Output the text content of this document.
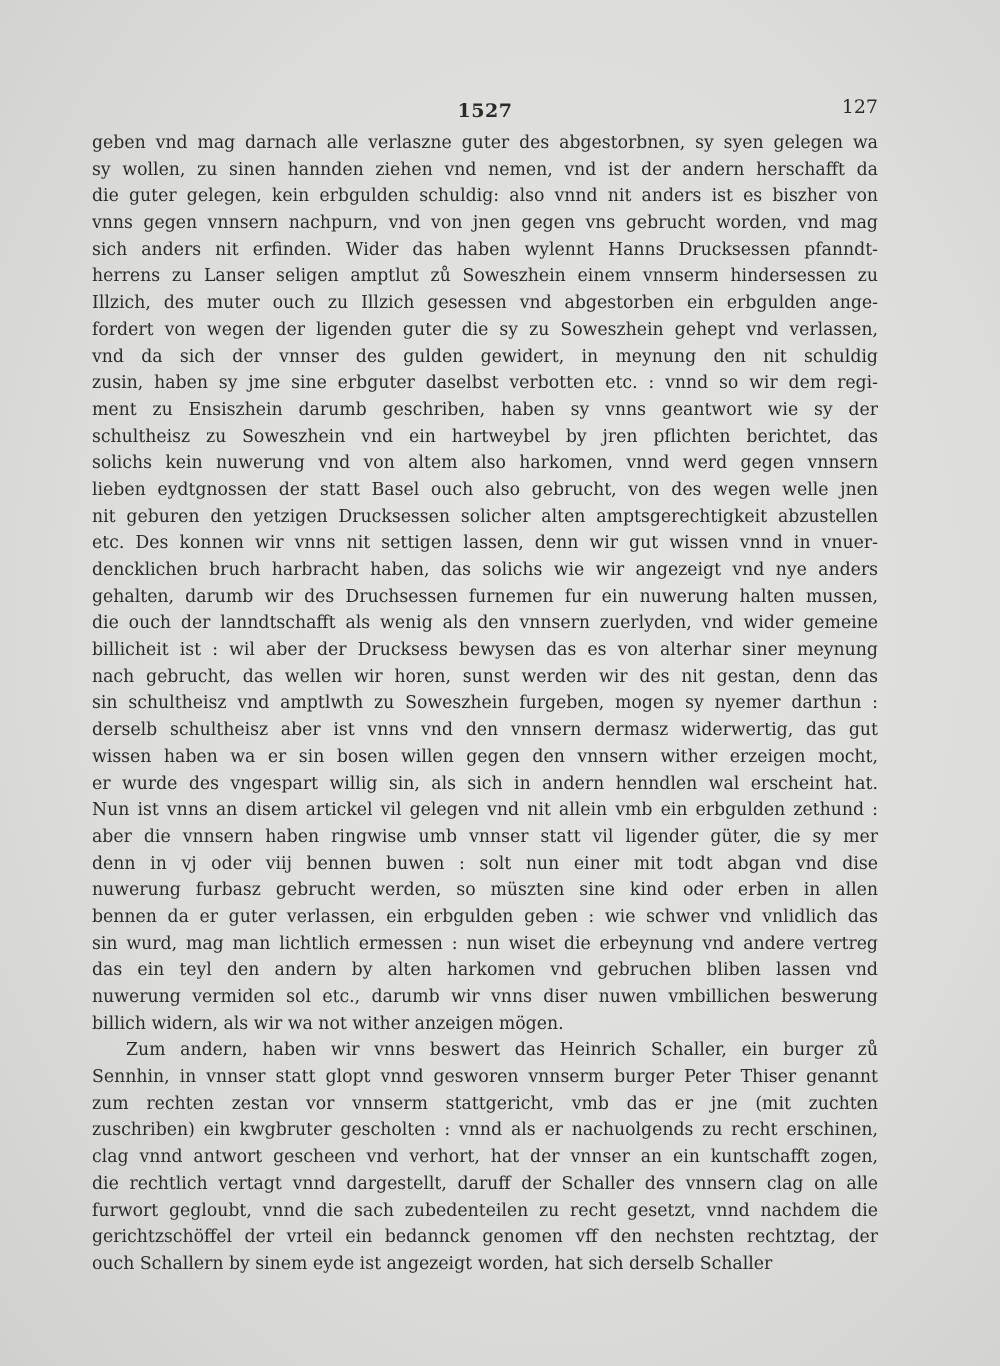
1527	127
geben vnd mag darnach alle verlaszne guter des abgestorbnen, sy syen gelegen wa
sy wollen, zu sinen hannden ziehen vnd nemen, vnd ist der andern herschafft da
die guter gelegen, kein erbgulden schuldig: also vnnd nit anders ist es biszher von
vnns gegen vnnsern nachpurn, vnd von jnen gegen vns gebrucht worden, vnd mag
sich anders nit erfinden. Wider das haben wylennt Hanns Drucksessen pfanndt-
herrens zu Lanser seligen amptlut zů Soweszhein einem vnnserm hindersessen zu
Illzich, des muter ouch zu Illzich gesessen vnd abgestorben ein erbgulden ange-
fordert von wegen der ligenden guter die sy zu Soweszhein gehept vnd verlassen,
vnd da sich der vnnser des gulden gewidert, in meynung den nit schuldig
zusin, haben sy jme sine erbguter daselbst verbotten etc. : vnnd so wir dem regi-
ment zu Ensiszhein darumb geschriben, haben sy vnns geantwort wie sy der
schultheisz zu Soweszhein vnd ein hartweybel by jren pflichten berichtet, das
solichs kein nuwerung vnd von altem also harkomen, vnnd werd gegen vnnsern
lieben eydtgnossen der statt Basel ouch also gebrucht, von des wegen welle jnen
nit geburen den yetzigen Drucksessen solicher alten amptsgerechtigkeit abzustellen
etc. Des konnen wir vnns nit settigen lassen, denn wir gut wissen vnnd in vnuer-
dencklichen bruch harbracht haben, das solichs wie wir angezeigt vnd nye anders
gehalten, darumb wir des Druchsessen furnemen fur ein nuwerung halten mussen,
die ouch der lanndtschafft als wenig als den vnnsern zuerlyden, vnd wider gemeine
billicheit ist : wil aber der Drucksess bewysen das es von alterhar siner meynung
nach gebrucht, das wellen wir horen, sunst werden wir des nit gestan, denn das
sin schultheisz vnd amptlwth zu Soweszhein furgeben, mogen sy nyemer darthun :
derselb schultheisz aber ist vnns vnd den vnnsern dermasz widerwertig, das gut
wissen haben wa er sin bosen willen gegen den vnnsern wither erzeigen mocht,
er wurde des vngespart willig sin, als sich in andern henndlen wal erscheint hat.
Nun ist vnns an disem artickel vil gelegen vnd nit allein vmb ein erbgulden zethund :
aber die vnnsern haben ringwise umb vnnser statt vil ligender güter, die sy mer
denn in vj oder viij bennen buwen : solt nun einer mit todt abgan vnd dise
nuwerung furbasz gebrucht werden, so müszten sine kind oder erben in allen
bennen da er guter verlassen, ein erbgulden geben : wie schwer vnd vnlidlich das
sin wurd, mag man lichtlich ermessen : nun wiset die erbeynung vnd andere vertreg
das ein teyl den andern by alten harkomen vnd gebruchen bliben lassen vnd
nuwerung vermiden sol etc., darumb wir vnns diser nuwen vmbillichen beswerung
billich widern, als wir wa not wither anzeigen mögen.
Zum andern, haben wir vnns beswert das Heinrich Schaller, ein burger zů
Sennhin, in vnnser statt glopt vnnd gesworen vnnserm burger Peter Thiser genannt
zum rechten zestan vor vnnserm stattgericht, vmb das er jne (mit zuchten
zuschriben) ein kwgbruter gescholten : vnnd als er nachuolgends zu recht erschinen,
clag vnnd antwort gescheen vnd verhort, hat der vnnser an ein kuntschafft zogen,
die rechtlich vertagt vnnd dargestellt, daruff der Schaller des vnnsern clag on alle
furwort gegloubt, vnnd die sach zubedenteilen zu recht gesetzt, vnnd nachdem die
gerichtzschöffel der vrteil ein bedannck genomen vff den nechsten rechtztag, der
ouch Schallern by sinem eyde ist angezeigt worden, hat sich derselb Schaller
